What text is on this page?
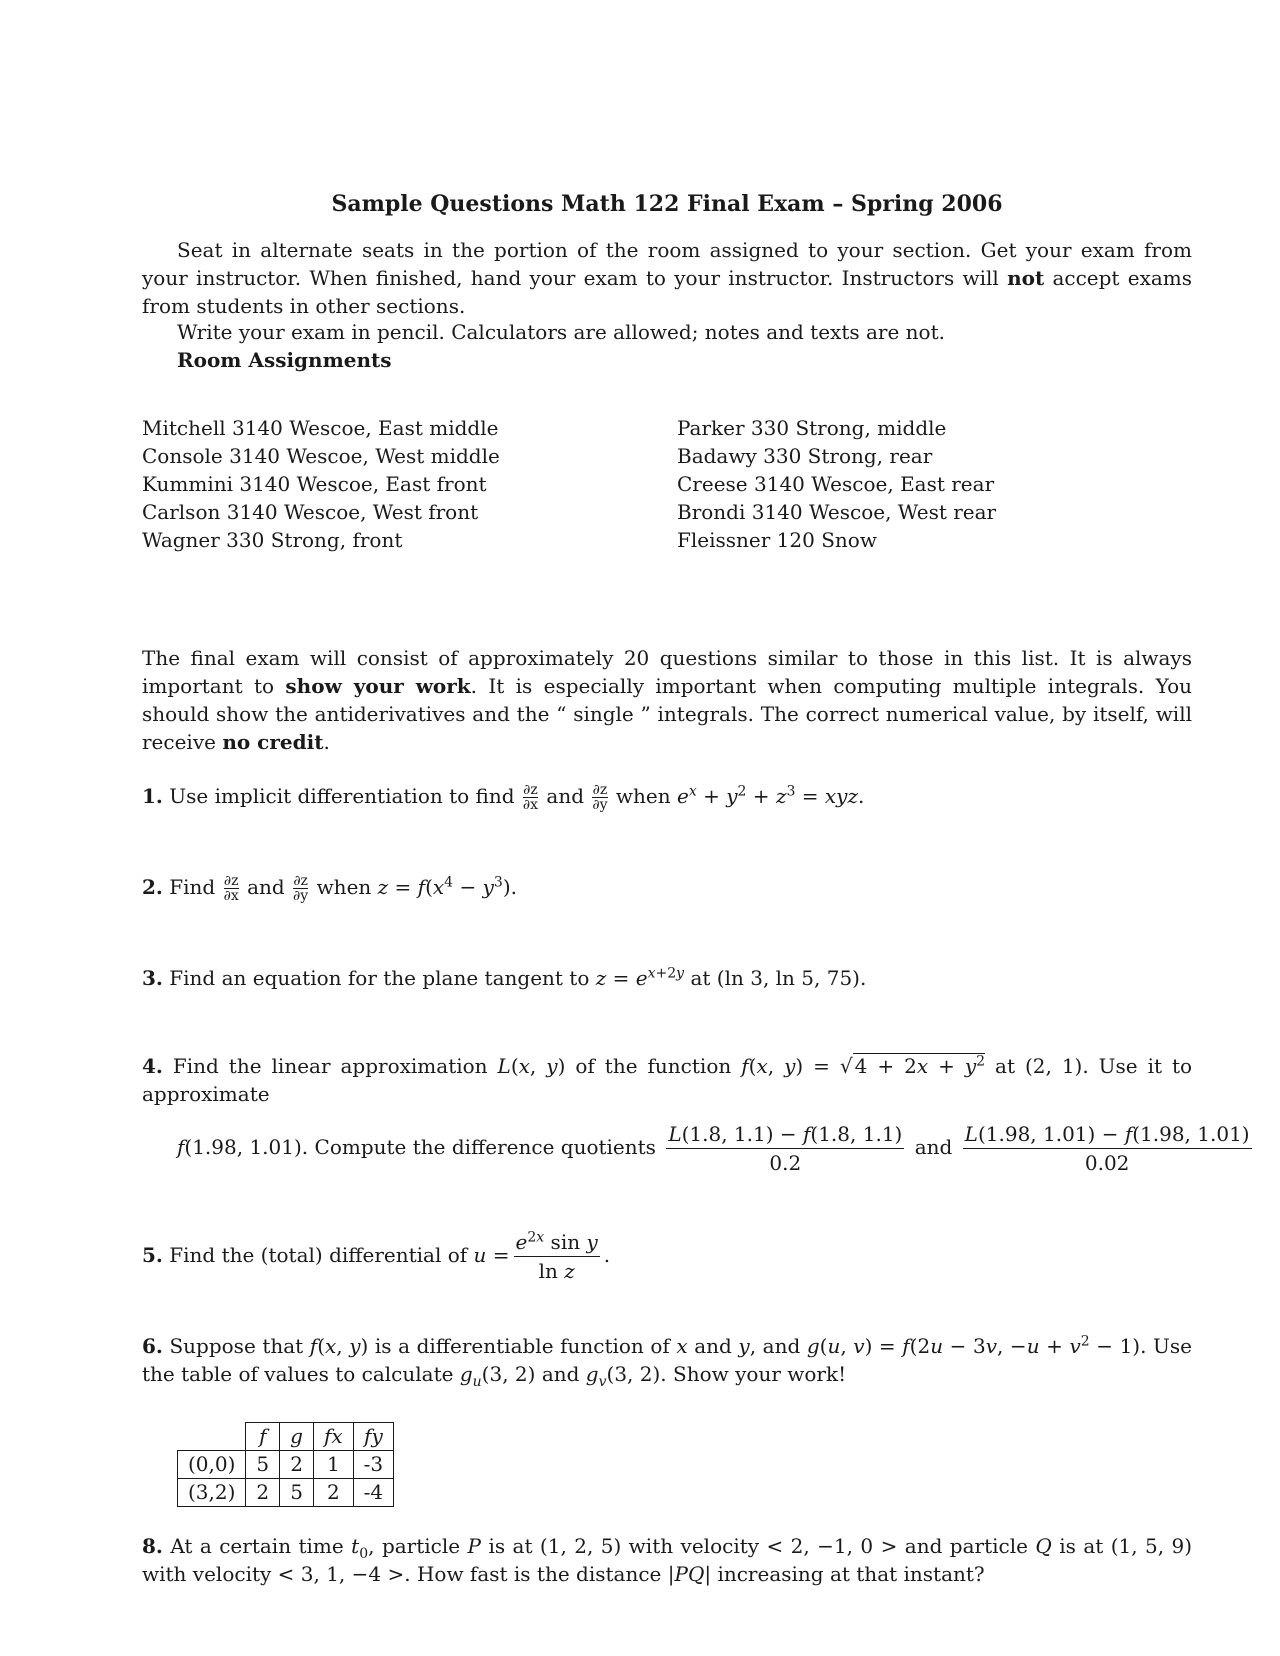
Sample Questions Math 122 Final Exam – Spring 2006
Seat in alternate seats in the portion of the room assigned to your section. Get your exam from your instructor. When finished, hand your exam to your instructor. Instructors will not accept exams from students in other sections.
Write your exam in pencil. Calculators are allowed; notes and texts are not.
Room Assignments
Mitchell 3140 Wescoe, East middle
Console 3140 Wescoe, West middle
Kummini 3140 Wescoe, East front
Carlson 3140 Wescoe, West front
Wagner 330 Strong, front
Parker 330 Strong, middle
Badawy 330 Strong, rear
Creese 3140 Wescoe, East rear
Brondi 3140 Wescoe, West rear
Fleissner 120 Snow
The final exam will consist of approximately 20 questions similar to those in this list. It is always important to show your work. It is especially important when computing multiple integrals. You should show the antiderivatives and the “ single ” integrals. The correct numerical value, by itself, will receive no credit.
1. Use implicit differentiation to find $\frac{\partial z}{\partial x}$ and $\frac{\partial z}{\partial y}$ when $e^x + y^2 + z^3$ = xyz.
2. Find $\frac{\partial z}{\partial x}$ and $\frac{\partial z}{\partial y}$ when $z = f(x^4 - y^3)$.
3. Find an equation for the plane tangent to $z = e^{x+2y}$ at (ln 3, ln 5, 75).
4. Find the linear approximation L(x, y) of the function f(x, y) = √ $4 + 2x + y^2$ at (2, 1). Use it to approximate
f(1.98, 1.01). Compute the difference quotients $\frac{L(1.8, 1.1) - f(1.8, 1.1)}{0.2}$ and $\frac{L(1.98, 1.01) - f(1.98, 1.01)}{0.02}$
5. Find the (total) differential of $u = \frac{e^{2x} \sin y}{\text{ln z}}$ .
6. Suppose that f(x, y) is a differentiable function of x and y, and g(u, v) = f(2u − 3v, $-u + v^2 - 1$). Use the table of values to calculate $g_u(3$, 2) and $g_v(3$, 2). Show your work!
	f	g	fx	fy
(0,0)	5	2	1	-3
(3,2)	2	5	2	-4
8. At a certain time $t_0$, particle P is at (1, 2, 5) with velocity < 2, −1, 0 > and particle Q is at (1, 5, 9) with velocity < 3, 1, −4 >. How fast is the distance |PQ| increasing at that instant?
